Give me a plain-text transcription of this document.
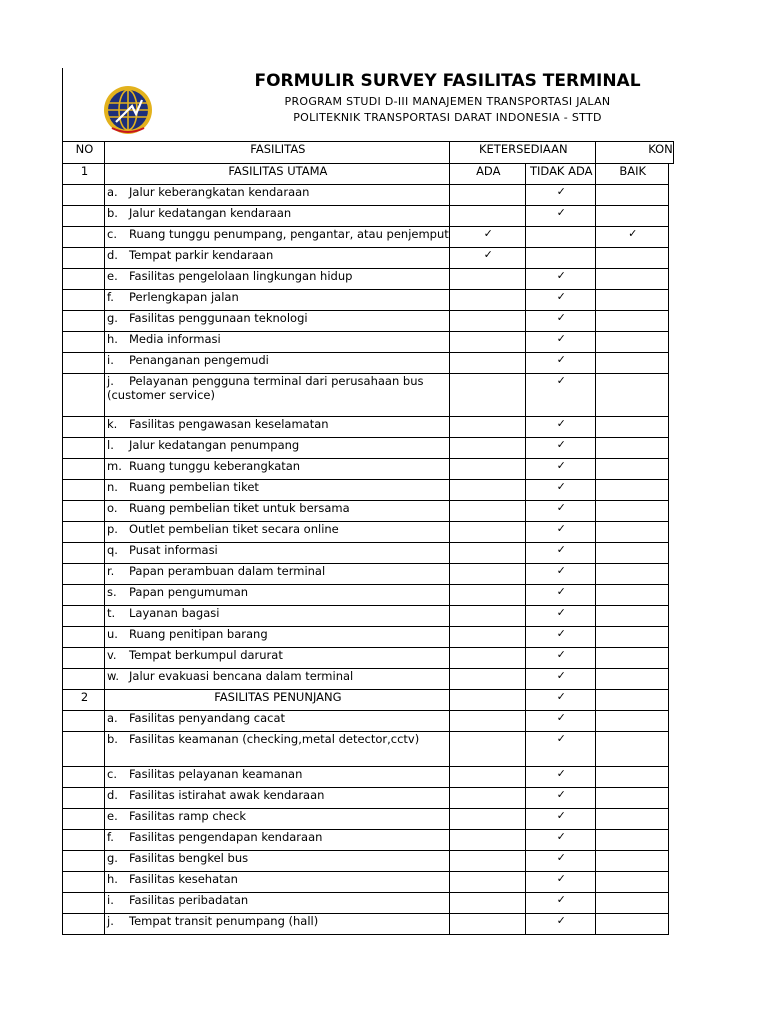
FORMULIR SURVEY FASILITAS TERMINAL
PROGRAM STUDI D-III MANAJEMEN TRANSPORTASI JALAN
POLITEKNIK TRANSPORTASI DARAT INDONESIA - STTD
NO	FASILITAS	KETERSEDIAAN		KON	
1	FASILITAS UTAMA	ADA	TIDAK ADA	BAIK	
	a. Jalur keberangkatan kendaraan		✓		
	b. Jalur kedatangan kendaraan		✓		
	c. Ruang tunggu penumpang, pengantar, atau penjemput	✓		✓	
	d. Tempat parkir kendaraan	✓			
	e. Fasilitas pengelolaan lingkungan hidup		✓		
	f. Perlengkapan jalan		✓		
	g. Fasilitas penggunaan teknologi		✓		
	h. Media informasi		✓		
	i. Penanganan pengemudi		✓		
	j. Pelayanan pengguna terminal dari perusahaan bus (customer service)		✓		
	k. Fasilitas pengawasan keselamatan		✓		
	l. Jalur kedatangan penumpang		✓		
	m. Ruang tunggu keberangkatan		✓		
	n. Ruang pembelian tiket		✓		
	o. Ruang pembelian tiket untuk bersama		✓		
	p. Outlet pembelian tiket secara online		✓		
	q. Pusat informasi		✓		
	r. Papan perambuan dalam terminal		✓		
	s. Papan pengumuman		✓		
	t. Layanan bagasi		✓		
	u. Ruang penitipan barang		✓		
	v. Tempat berkumpul darurat		✓		
	w. Jalur evakuasi bencana dalam terminal		✓		
2	FASILITAS PENUNJANG		✓		
	a. Fasilitas penyandang cacat		✓		
	b. Fasilitas keamanan (checking,metal detector,cctv)		✓		
	c. Fasilitas pelayanan keamanan		✓		
	d. Fasilitas istirahat awak kendaraan		✓		
	e. Fasilitas ramp check		✓		
	f. Fasilitas pengendapan kendaraan		✓		
	g. Fasilitas bengkel bus		✓		
	h. Fasilitas kesehatan		✓		
	i. Fasilitas peribadatan		✓		
	j. Tempat transit penumpang (hall)		✓		
